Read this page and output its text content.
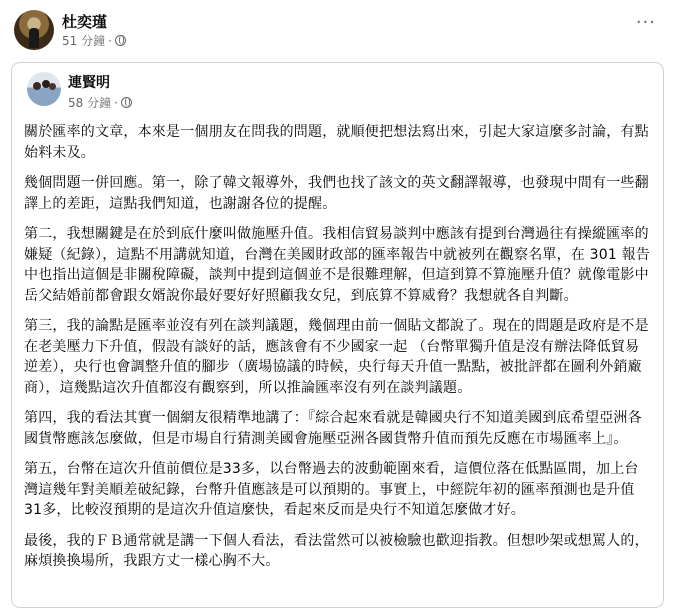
杜奕瑾
51 分鐘 ·
···
連賢明
58 分鐘 ·

關於匯率的文章，本來是一個朋友在問我的問題，就順便把想法寫出來，引起大家這麼多討論，有點始料未及。

幾個問題一併回應。第一，除了韓文報導外，我們也找了該文的英文翻譯報導，也發現中間有一些翻譯上的差距，這點我們知道，也謝謝各位的提醒。

第二，我想關鍵是在於到底什麼叫做施壓升值。我相信貿易談判中應該有提到台灣過往有操縱匯率的嫌疑（紀錄），這點不用講就知道，台灣在美國財政部的匯率報告中就被列在觀察名單，在 301 報告中也指出這個是非關稅障礙，談判中提到這個並不是很難理解，但這到算不算施壓升值？就像電影中岳父結婚前都會跟女婿說你最好要好好照顧我女兒，到底算不算威脅？我想就各自判斷。

第三，我的論點是匯率並沒有列在談判議題，幾個理由前一個貼文都說了。現在的問題是政府是不是在老美壓力下升值，假設有談好的話，應該會有不少國家一起 （台幣單獨升值是沒有辦法降低貿易逆差），央行也會調整升值的腳步（廣場協議的時候，央行每天升值一點點，被批評都在圖利外銷廠商），這幾點這次升值都沒有觀察到，所以推論匯率沒有列在談判議題。

第四，我的看法其實一個網友很精準地講了：『綜合起來看就是韓國央行不知道美國到底希望亞洲各國貨幣應該怎麼做，但是市場自行猜測美國會施壓亞洲各國貨幣升值而預先反應在市場匯率上』。

第五，台幣在這次升值前價位是33多，以台幣過去的波動範圍來看，這價位落在低點區間，加上台灣這幾年對美順差破紀錄，台幣升值應該是可以預期的。事實上，中經院年初的匯率預測也是升值31多，比較沒預期的是這次升值這麼快，看起來反而是央行不知道怎麼做才好。

最後，我的ＦＢ通常就是講一下個人看法，看法當然可以被檢驗也歡迎指教。但想吵架或想罵人的，麻煩換換場所，我跟方丈一樣心胸不大。
